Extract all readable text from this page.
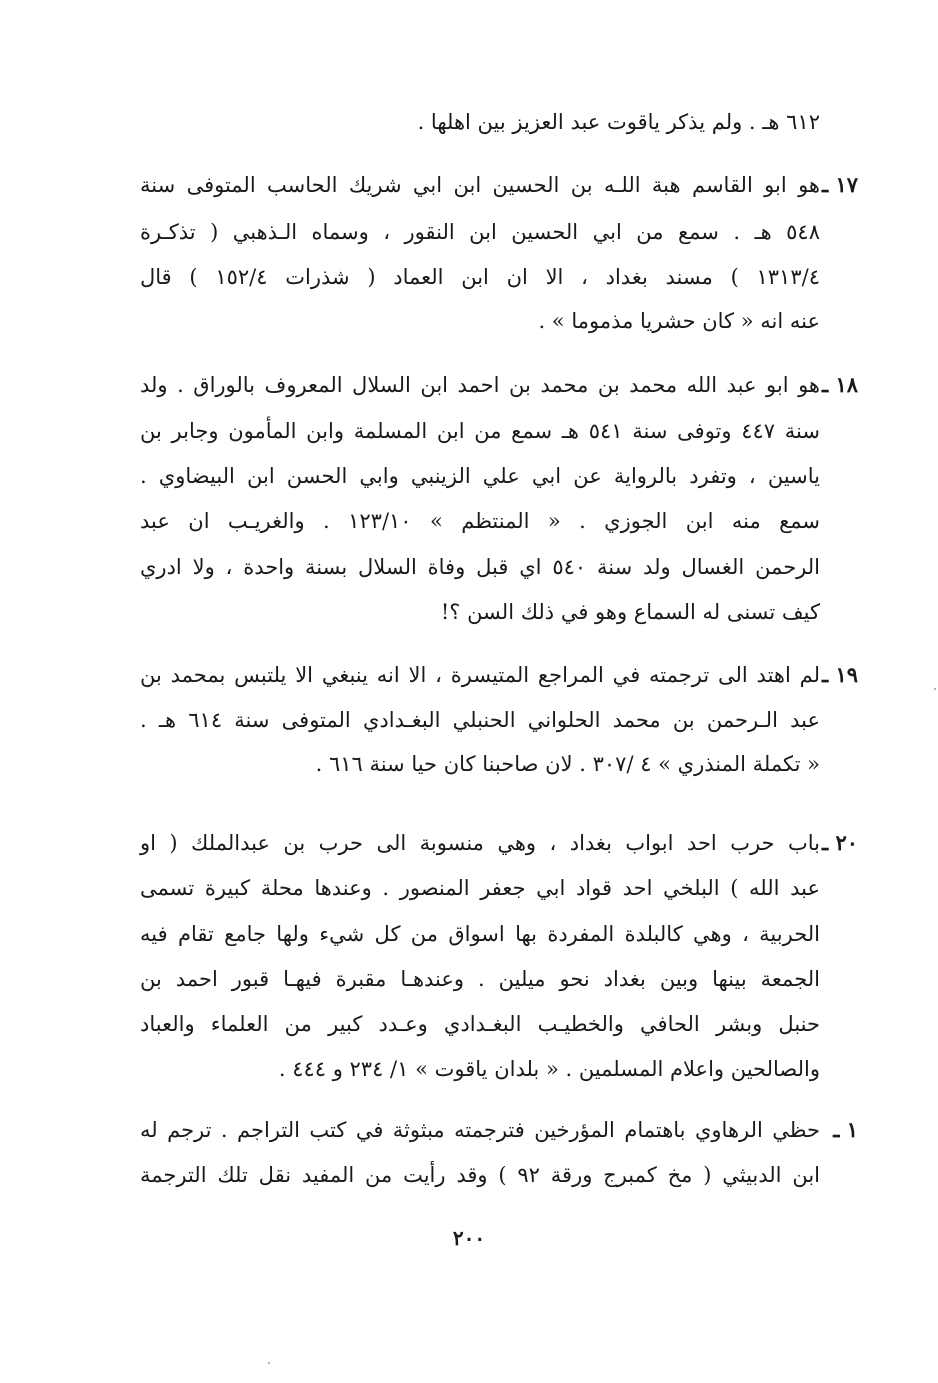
٦١٢ هـ . ولم يذكر ياقوت عبد العزيز بين اهلها .
١٧ ـ
هو ابو القاسم هبة اللـه بن الحسين ابن ابي شريك الحاسب المتوفى سنة
٥٤٨ هـ . سمع من ابي الحسين ابن النقور ، وسماه الـذهبي ( تذكـرة
١٣١٣/٤ ) مسند بغداد ، الا ان ابن العماد ( شذرات ١٥٢/٤ ) قال
عنه انه « كان حشريا مذموما » .
١٨ ـ
هو ابو عبد الله محمد بن محمد بن احمد ابن السلال المعروف بالوراق . ولد
سنة ٤٤٧ وتوفى سنة ٥٤١ هـ سمع من ابن المسلمة وابن المأمون وجابر بن
ياسين ، وتفرد بالرواية عن ابي علي الزينبي وابي الحسن ابن البيضاوي .
سمع منه ابن الجوزي . « المنتظم » ١٢٣/١٠ . والغريـب ان عبد
الرحمن الغسال ولد سنة ٥٤٠ اي قبل وفاة السلال بسنة واحدة ، ولا ادري
كيف تسنى له السماع وهو في ذلك السن ؟!
١٩ ـ
لم اهتد الى ترجمته في المراجع المتيسرة ، الا انه ينبغي الا يلتبس بمحمد بن
عبد الـرحمن بن محمد الحلواني الحنبلي البغـدادي المتوفى سنة ٦١٤ هـ .
« تكملة المنذري » ٤ /٣٠٧ . لان صاحبنا كان حيا سنة ٦١٦ .
٢٠ ـ
باب حرب احد ابواب بغداد ، وهي منسوبة الى حرب بن عبدالملك ( او
عبد الله ) البلخي احد قواد ابي جعفر المنصور . وعندها محلة كبيرة تسمى
الحربية ، وهي كالبلدة المفردة بها اسواق من كل شيء ولها جامع تقام فيه
الجمعة بينها وبين بغداد نحو ميلين . وعندهـا مقبرة فيهـا قبور احمد بن
حنبل وبشر الحافي والخطيـب البغـدادي وعـدد كبير من العلماء والعباد
والصالحين واعلام المسلمين . « بلدان ياقوت » ١/ ٢٣٤ و ٤٤٤ .
١ ـ
حظي الرهاوي باهتمام المؤرخين فترجمته مبثوثة في كتب التراجم . ترجم له
ابن الدبيثي ( مخ كمبرج ورقة ٩٢ ) وقد رأيت من المفيد نقل تلك الترجمة
٢٠٠
